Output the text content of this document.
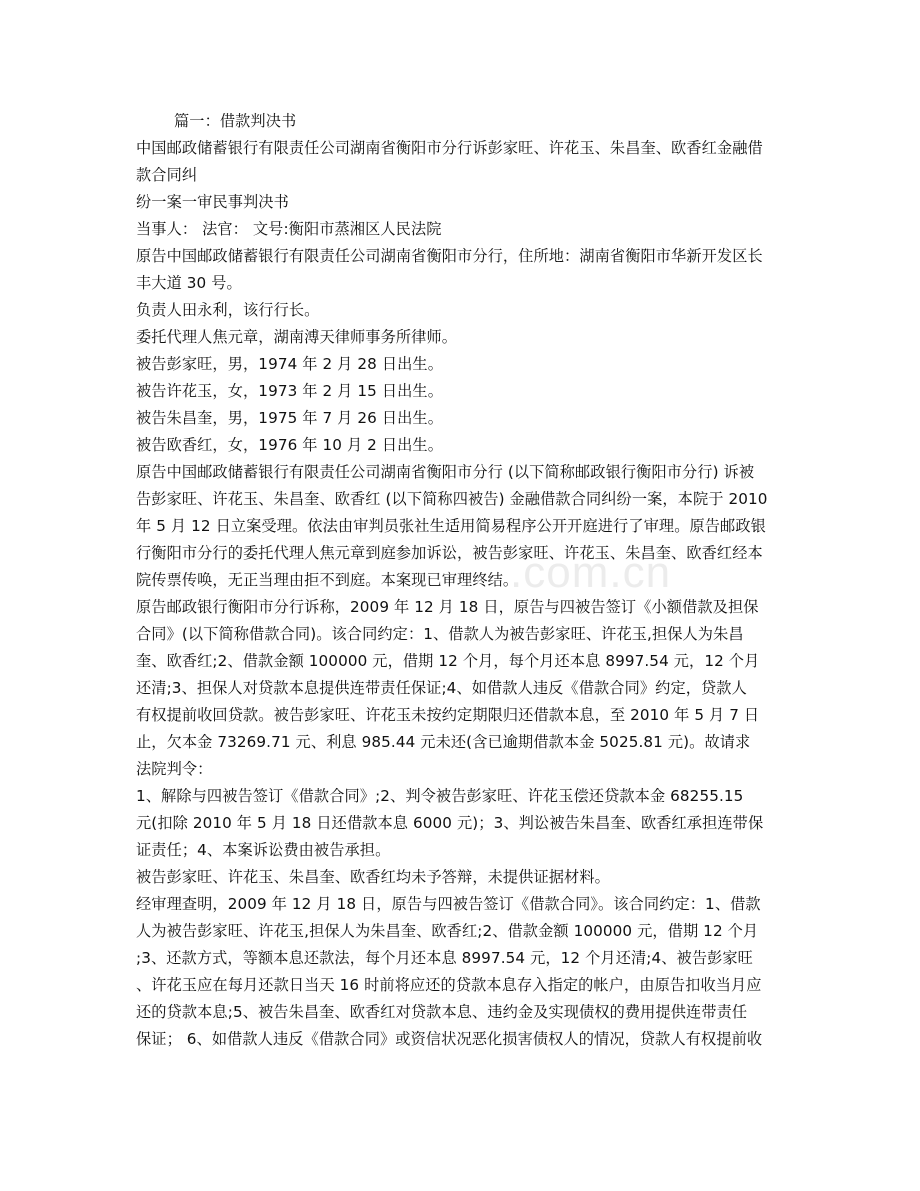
.com.cn
篇一：借款判决书
中国邮政储蓄银行有限责任公司湖南省衡阳市分行诉彭家旺、许花玉、朱昌奎、欧香红金融借
款合同纠
纷一案一审民事判决书
当事人： 法官： 文号:衡阳市蒸湘区人民法院
原告中国邮政储蓄银行有限责任公司湖南省衡阳市分行，住所地：湖南省衡阳市华新开发区长
丰大道 30 号。
负责人田永利，该行行长。
委托代理人焦元章，湖南溥天律师事务所律师。
被告彭家旺，男，1974 年 2 月 28 日出生。
被告许花玉，女，1973 年 2 月 15 日出生。
被告朱昌奎，男，1975 年 7 月 26 日出生。
被告欧香红，女，1976 年 10 月 2 日出生。
原告中国邮政储蓄银行有限责任公司湖南省衡阳市分行 (以下简称邮政银行衡阳市分行) 诉被
告彭家旺、许花玉、朱昌奎、欧香红 (以下简称四被告) 金融借款合同纠纷一案，本院于 2010
年 5 月 12 日立案受理。依法由审判员张社生适用简易程序公开开庭进行了审理。原告邮政银
行衡阳市分行的委托代理人焦元章到庭参加诉讼，被告彭家旺、许花玉、朱昌奎、欧香红经本
院传票传唤，无正当理由拒不到庭。本案现已审理终结。
原告邮政银行衡阳市分行诉称，2009 年 12 月 18 日，原告与四被告签订《小额借款及担保
合同》(以下简称借款合同)。该合同约定：1、借款人为被告彭家旺、许花玉,担保人为朱昌
奎、欧香红;2、借款金额 100000 元，借期 12 个月，每个月还本息 8997.54 元，12 个月
还清;3、担保人对贷款本息提供连带责任保证;4、如借款人违反《借款合同》约定，贷款人
有权提前收回贷款。被告彭家旺、许花玉未按约定期限归还借款本息，至 2010 年 5 月 7 日
止，欠本金 73269.71 元、利息 985.44 元未还(含已逾期借款本金 5025.81 元)。故请求
法院判令：
1、解除与四被告签订《借款合同》;2、判令被告彭家旺、许花玉偿还贷款本金 68255.15
元(扣除 2010 年 5 月 18 日还借款本息 6000 元)；3、判讼被告朱昌奎、欧香红承担连带保
证责任；4、本案诉讼费由被告承担。
被告彭家旺、许花玉、朱昌奎、欧香红均未予答辩，未提供证据材料。
经审理查明，2009 年 12 月 18 日，原告与四被告签订《借款合同》。该合同约定：1、借款
人为被告彭家旺、许花玉,担保人为朱昌奎、欧香红;2、借款金额 100000 元，借期 12 个月
;3、还款方式，等额本息还款法，每个月还本息 8997.54 元，12 个月还清;4、被告彭家旺
、许花玉应在每月还款日当天 16 时前将应还的贷款本息存入指定的帐户，由原告扣收当月应
还的贷款本息;5、被告朱昌奎、欧香红对贷款本息、违约金及实现债权的费用提供连带责任
保证； 6、如借款人违反《借款合同》或资信状况恶化损害债权人的情况，贷款人有权提前收
